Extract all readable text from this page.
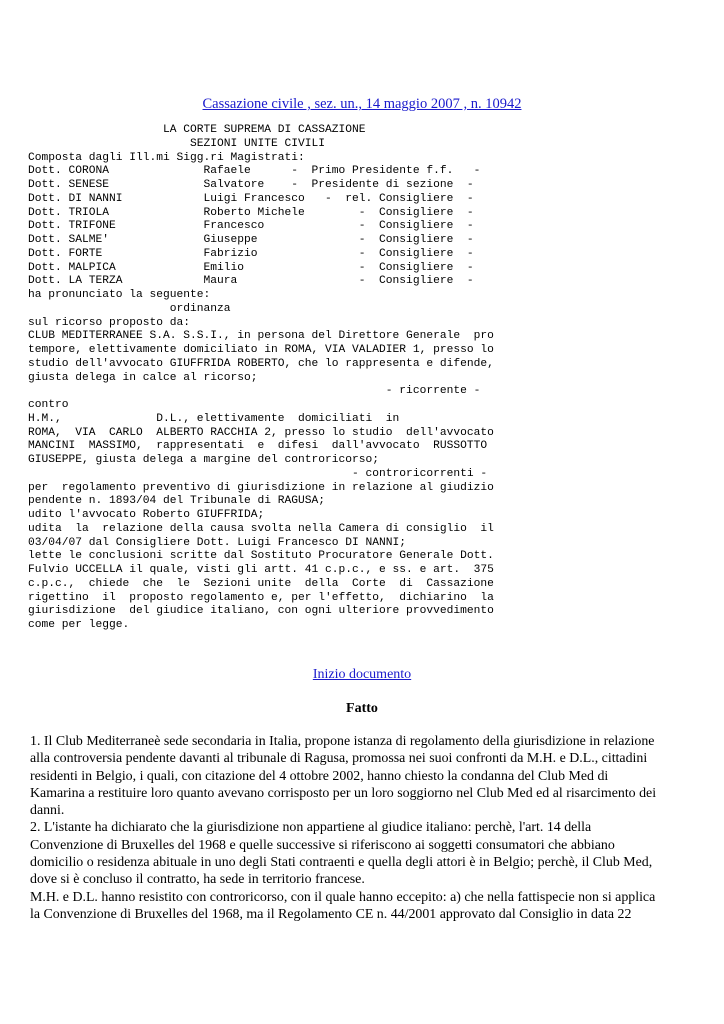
Cassazione civile , sez. un., 14 maggio 2007 , n. 10942
LA CORTE SUPREMA DI CASSAZIONE
SEZIONI UNITE CIVILI
Composta dagli Ill.mi Sigg.ri Magistrati:
Dott. CORONA              Rafaele      -  Primo Presidente f.f.   -
Dott. SENESE              Salvatore    -  Presidente di sezione  -
Dott. DI NANNI            Luigi Francesco   -  rel. Consigliere  -
Dott. TRIOLA              Roberto Michele        -  Consigliere  -
Dott. TRIFONE             Francesco              -  Consigliere  -
Dott. SALME'              Giuseppe               -  Consigliere  -
Dott. FORTE               Fabrizio               -  Consigliere  -
Dott. MALPICA             Emilio                 -  Consigliere  -
Dott. LA TERZA            Maura                  -  Consigliere  -
ha pronunciato la seguente:
ordinanza
sul ricorso proposto da:
CLUB MEDITERRANEE S.A. S.S.I., in persona del Direttore Generale  pro
tempore, elettivamente domiciliato in ROMA, VIA VALADIER 1, presso lo
studio dell'avvocato GIUFFRIDA ROBERTO, che lo rappresenta e difende,
giusta delega in calce al ricorso;
- ricorrente -
contro
H.M.,              D.L., elettivamente  domiciliati  in
ROMA,  VIA  CARLO  ALBERTO RACCHIA 2, presso lo studio  dell'avvocato
MANCINI  MASSIMO,  rappresentati  e  difesi  dall'avvocato  RUSSOTTO
GIUSEPPE, giusta delega a margine del controricorso;
- controricorrenti -
per  regolamento preventivo di giurisdizione in relazione al giudizio
pendente n. 1893/04 del Tribunale di RAGUSA;
udito l'avvocato Roberto GIUFFRIDA;
udita  la  relazione della causa svolta nella Camera di consiglio  il
03/04/07 dal Consigliere Dott. Luigi Francesco DI NANNI;
lette le conclusioni scritte dal Sostituto Procuratore Generale Dott.
Fulvio UCCELLA il quale, visti gli artt. 41 c.p.c., e ss. e art.  375
c.p.c.,  chiede  che  le  Sezioni unite  della  Corte  di  Cassazione
rigettino  il  proposto regolamento e, per l'effetto,  dichiarino  la
giurisdizione  del giudice italiano, con ogni ulteriore provvedimento
come per legge.
Inizio documento
Fatto
1. Il Club Mediterraneè sede secondaria in Italia, propone istanza di regolamento della giurisdizione in relazione
alla controversia pendente davanti al tribunale di Ragusa, promossa nei suoi confronti da M.H. e D.L., cittadini
residenti in Belgio, i quali, con citazione del 4 ottobre 2002, hanno chiesto la condanna del Club Med di
Kamarina a restituire loro quanto avevano corrisposto per un loro soggiorno nel Club Med ed al risarcimento dei
danni.
2. L'istante ha dichiarato che la giurisdizione non appartiene al giudice italiano: perchè, l'art. 14 della
Convenzione di Bruxelles del 1968 e quelle successive si riferiscono ai soggetti consumatori che abbiano
domicilio o residenza abituale in uno degli Stati contraenti e quella degli attori è in Belgio; perchè, il Club Med,
dove si è concluso il contratto, ha sede in territorio francese.
M.H. e D.L. hanno resistito con controricorso, con il quale hanno eccepito: a) che nella fattispecie non si applica
la Convenzione di Bruxelles del 1968, ma il Regolamento CE n. 44/2001 approvato dal Consiglio in data 22
